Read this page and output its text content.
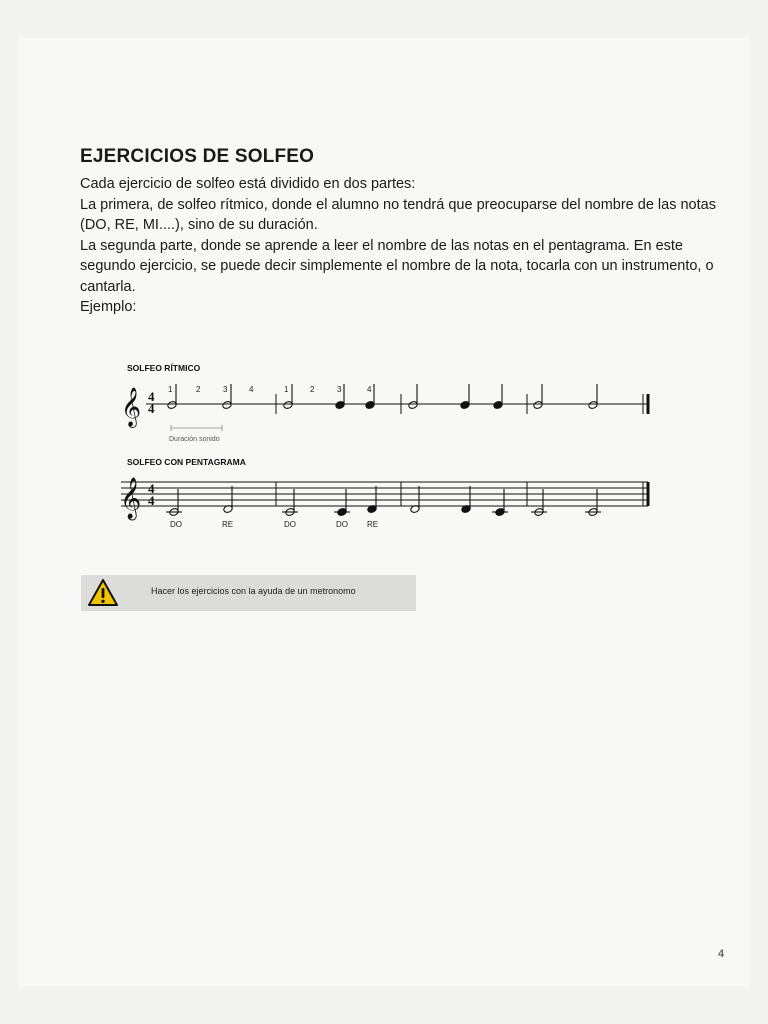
EJERCICIOS DE SOLFEO

Cada ejercicio de solfeo está dividido en dos partes:

La primera, de solfeo rítmico, donde el alumno no tendrá que preocuparse del nombre de las notas (DO, RE, MI....), sino de su duración.

La segunda parte, donde se aprende a leer el nombre de las notas en el pentagrama. En este segundo ejercicio, se puede decir simplemente el nombre de la nota, tocarla con un instrumento, o cantarla.

Ejemplo:

SOLFEO RÍTMICO
1	2	3	4	1	2	3	4
𝄞 4
4
Duración sonido
SOLFEO CON PENTAGRAMA
𝄞 4
4
DO	RE	DO	DO RE
Hacer los ejercicios con la ayuda de un metronomo
4
